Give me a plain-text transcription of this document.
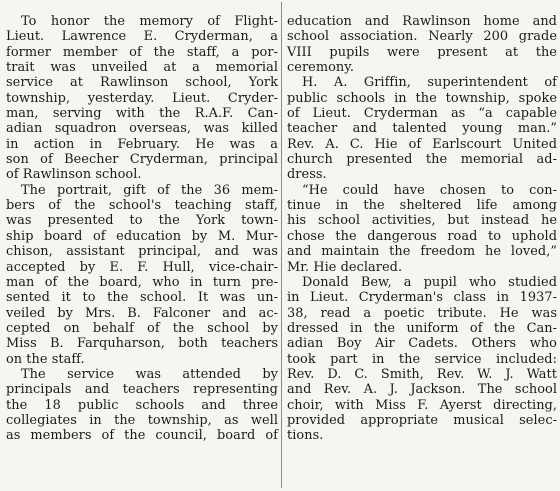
To honor the memory of Flight-
Lieut. Lawrence E. Cryderman, a
former member of the staff, a por-
trait was unveiled at a memorial
service at Rawlinson school, York
township, yesterday. Lieut. Cryder-
man, serving with the R.A.F. Can-
adian squadron overseas, was killed
in action in February. He was a
son of Beecher Cryderman, principal
of Rawlinson school.
The portrait, gift of the 36 mem-
bers of the school's teaching staff,
was presented to the York town-
ship board of education by M. Mur-
chison, assistant principal, and was
accepted by E. F. Hull, vice-chair-
man of the board, who in turn pre-
sented it to the school. It was un-
veiled by Mrs. B. Falconer and ac-
cepted on behalf of the school by
Miss B. Farquharson, both teachers
on the staff.
The service was attended by
principals and teachers representing
the 18 public schools and three
collegiates in the township, as well
as members of the council, board of
education and Rawlinson home and
school association. Nearly 200 grade
VIII pupils were present at the
ceremony.
H. A. Griffin, superintendent of
public schools in the township, spoke
of Lieut. Cryderman as “a capable
teacher and talented young man.”
Rev. A. C. Hie of Earlscourt United
church presented the memorial ad-
dress.
“He could have chosen to con-
tinue in the sheltered life among
his school activities, but instead he
chose the dangerous road to uphold
and maintain the freedom he loved,”
Mr. Hie declared.
Donald Bew, a pupil who studied
in Lieut. Cryderman's class in 1937-
38, read a poetic tribute. He was
dressed in the uniform of the Can-
adian Boy Air Cadets. Others who
took part in the service included:
Rev. D. C. Smith, Rev. W. J. Watt
and Rev. A. J. Jackson. The school
choir, with Miss F. Ayerst directing,
provided appropriate musical selec-
tions.
